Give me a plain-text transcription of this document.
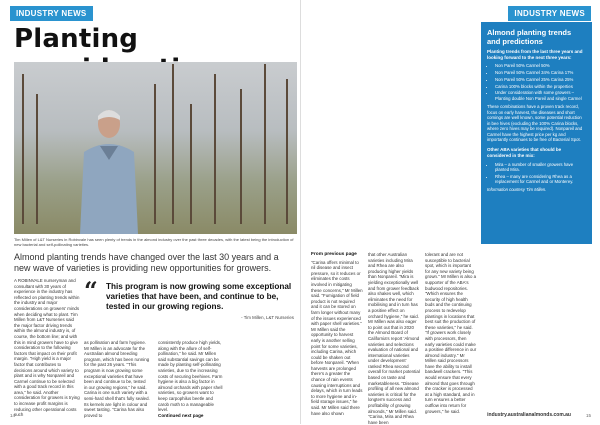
INDUSTRY NEWS
Planting
Tim Millen of L&T Nurseries in Robinvale has seen plenty of trends in the almond industry over the past three decades, with the latest being the introduction of new bacterial and self-pollinating varieties.
Almond planting trends have changed over the last 30 years and a new wave of varieties is providing new opportunities for growers.
A ROBINVALE nurseryman and consultant with 30 years of experience in the industry has reflected on planting trends within the industry and major considerations on growers' minds when deciding what to plant. Tim Millen from L&T Nurseries said the major factor driving trends within the almond industry is, of course, the bottom line; and with this in mind growers have to give consideration to the following factors that impact on their profit margin. "High yield is a major factor that contributes to decisions around which variety to plant and is why Nonpareil and Carmel continue to be selected with a good track record in this area," he said. Another consideration for growers is trying to increase profit margins is reducing other operational costs such
“ This program is now growing some exceptional varieties that have been, and continue to be, tested in our growing regions.
- Tim Millen, L&T Nurseries
as pollination and farm hygiene. Mr Millen is an advocate for the Australian almond breeding program, which has been running for the past 26 years. "This program is now growing some exceptional varieties that have been and continue to be, tested in our growing regions," he said. Carina is one such variety with a semi-hard shell that's fully sealed. Its kernels are light in colour and sweet tasting. "Carina has also proved to
consistently produce high yields, along with the allure of self-pollination," he said. Mr Millen said substantial savings can be made by planting self-pollinating varieties, due to the increasing costs of securing beehives. Farm hygiene is also a big factor in almond orchards with paper shell varieties, so growers want to keep carpophilus beetle and carob moth to a manageable level.
Continued next page
14
INDUSTRY NEWS
From previous page
"Carina offers minimal to nil disease and insect pressure, so it reduces or eliminates the costs involved in mitigating these concerns," Mr Millen said. "Fumigation of field product is not required and it can be stored on farm longer without many of the issues experienced with paper shell varieties." Mr Millen said the opportunity to harvest early is another selling point for some varieties, including Carina, which could be shaken out before Nonpareil. "When harvests are prolonged there's a greater the chance of rain events causing interruptions and delays, which in turn leads to more hygiene and in-field storage issues," he said. Mr Millen said there have also shown
that other Australian varieties including Mira and Rhea are also producing higher yields than Nonpareil. "Mira is yielding exceptionally well and from grower feedback also shakes well, which eliminates the need for mobilising and in turn has a positive effect on orchard hygiene," he said. Mr Millen was also eager to point out that in 2020 the Almond Board of California's report 'Almond varieties and selections evaluation of national and international varieties under development' ranked Rhea second overall for market potential based on taste and marketableness. "Disease profiling of all new almond varieties is critical for the longterm success and profitability of growing almonds," Mr Millen said. "Carina, Mira and Rhea have been
tolerant and are not susceptible to bacterial spot, which is important for any new variety being grown." Mr Millen is also a supporter of the ABA's budwood repositories. "Which ensures the security of high health buds and the continuing process to redevelop plantings in locations that best suit the production of these varieties," he said. "If growers work closely with processors, then early varieties could make a positive difference in our almond industry." Mr Millen said processors have the ability to install bandwell crackers. "This would ensure that every almond that goes through the cracker is processed at a high standard, and in turn ensures a better outflow into return for growers," he said.
Almond planting trends and predictions
Planting trends from the last three years and looking forward to the next three years:
• Non Pareil 50% Carmel 50%
• Non Pareil 50% Carmel 34% Carina 17%
• Non Pareil 50% Carmel 25% Carina 25%
• Carina 100% blocks within the properties
• Under consideration with some growers – Planting double Non Pareil and single Carmel
These combinations have a proven track record, focus on early harvest, the diseases and short comings are well known, some potential reduction in bee hives (excluding the 100% Carina blocks, where zero hives may be required). Nonpareil and Carmel have the highest price per kg and importantly continues to be free of Bacterial Spot.
Other ABA varieties that should be considered in the mix:
• Mira – a number of smaller growers have planted Mira.
• Rhea – many are considering Rhea as a replacement for Carmel and or Monterey.
Information courtesy Tim Millen.
industry.australianalmonds.com.au	15
